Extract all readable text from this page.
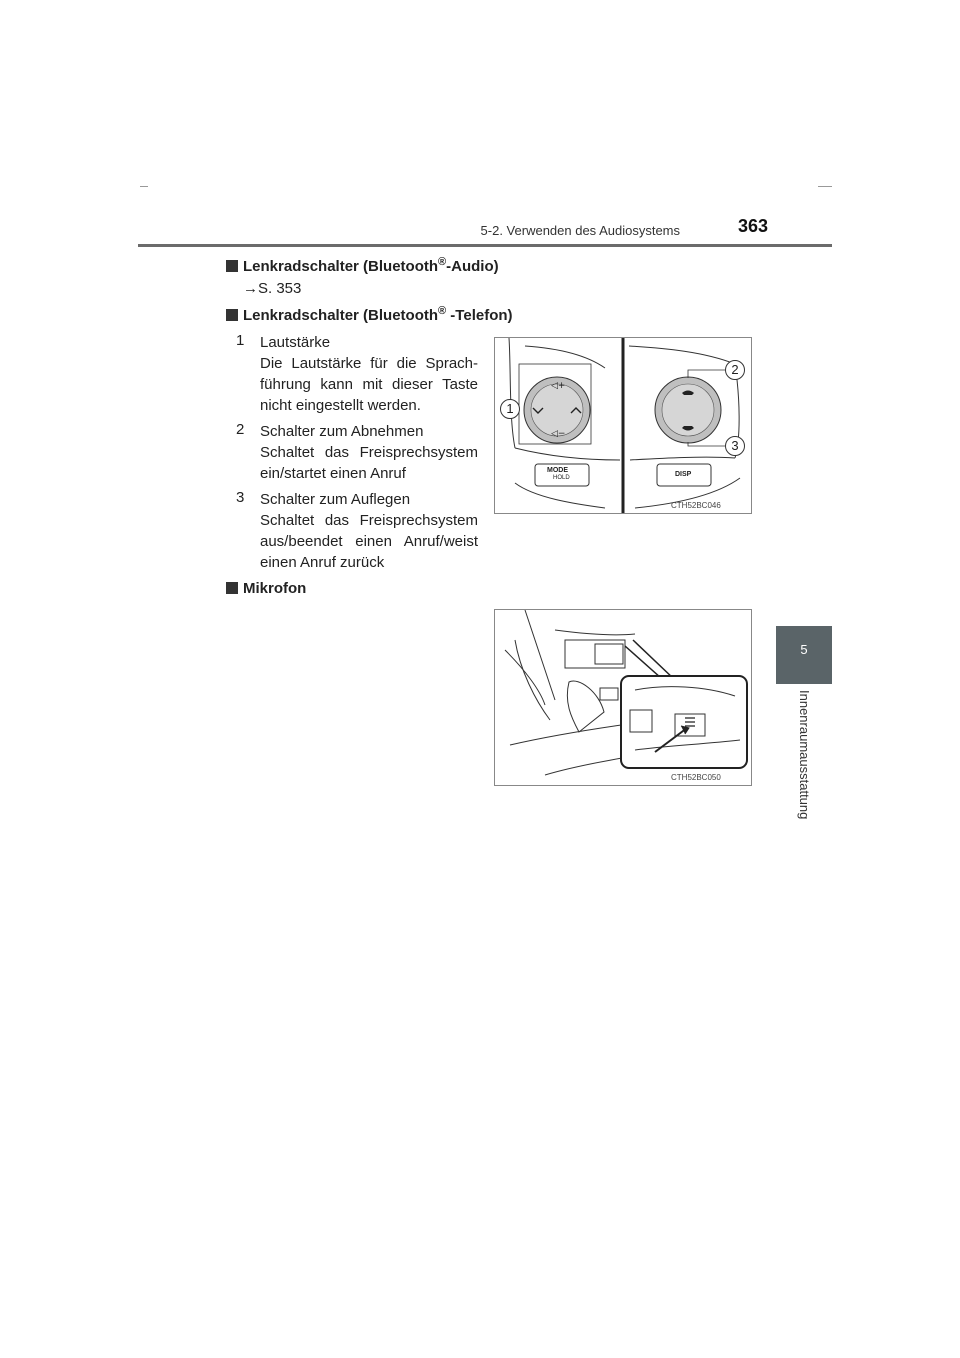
5-2. Verwenden des Audiosystems	363
5
Innenraumausstattung
Lenkradschalter (Bluetooth®-Audio)
→S. 353
Lenkradschalter (Bluetooth® -Telefon)
1 Lautstärke
Die Lautstärke für die Sprach-führung kann mit dieser Taste nicht eingestellt werden.
2 Schalter zum Abnehmen
Schaltet das Freisprechsystem ein/startet einen Anruf
3 Schalter zum Auflegen
Schaltet das Freisprechsystem aus/beendet einen Anruf/weist einen Anruf zurück
Mikrofon
◁+
◁−
1
2
3
MODE
HOLD	DISP
CTH52BC046
CTH52BC050
